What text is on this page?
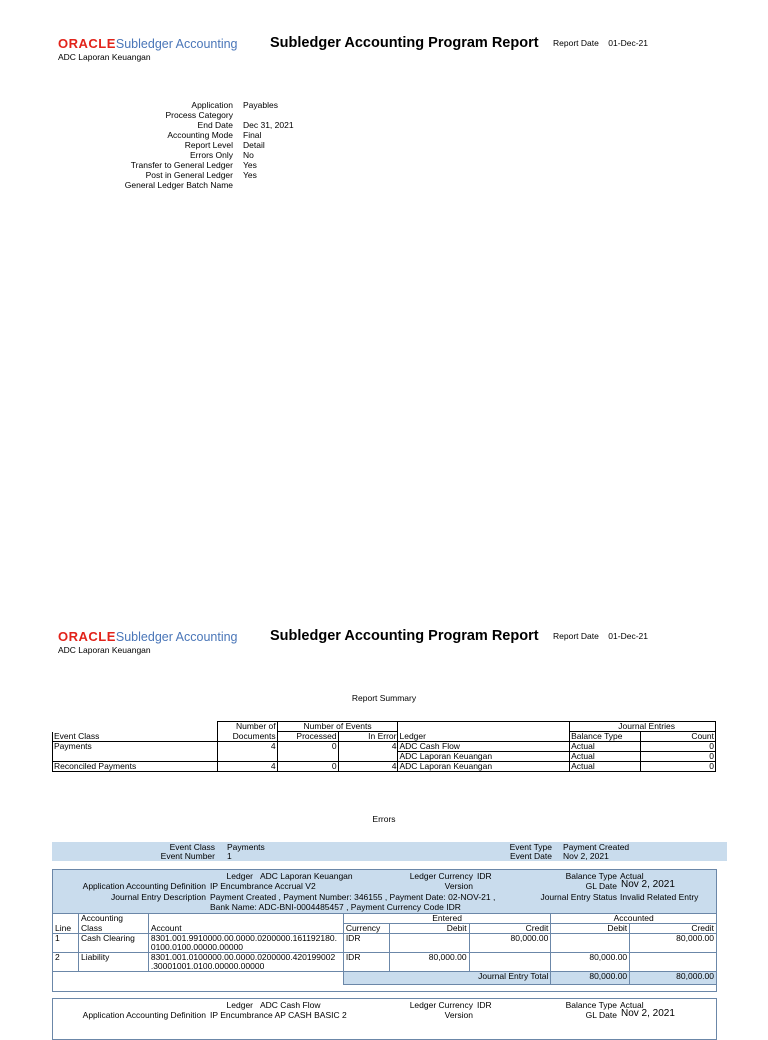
ORACLESubledger Accounting
ADC Laporan Keuangan
Subledger Accounting Program Report Report Date 01-Dec-21
Application	Payables
Process Category
End Date	Dec 31, 2021
Accounting Mode	Final
Report Level	Detail
Errors Only	No
Transfer to General Ledger	Yes
Post in General Ledger	Yes
General Ledger Batch Name
ORACLESubledger Accounting
ADC Laporan Keuangan
Subledger Accounting Program Report Report Date 01-Dec-21
Report Summary
	Number of	Number of Events			Journal Entries	
Event Class	Documents	Processed	In Error	Ledger	Balance Type	Count
Payments	4	0	4	ADC Cash Flow	Actual	0
				ADC Laporan Keuangan	Actual	0
Reconciled Payments	4	0	4	ADC Laporan Keuangan	Actual	0
Errors
Event Class Payments
Event Number 1
Event Type Payment Created
Event Date Nov 2, 2021
Ledger ADC Laporan Keuangan	Ledger Currency IDR	Balance Type Actual
Application Accounting Definition IP Encumbrance Accrual V2	Version	GL Date Nov 2, 2021
Journal Entry Description Payment Created , Payment Number: 346155 , Payment Date: 02-NOV-21 ,
Bank Name: ADC-BNI-0004485457 , Payment Currency Code IDR
Journal Entry Status Invalid Related Entry
	Accounting		Entered			Accounted	
Line	Class	Account	Currency	Debit	Credit	Debit	Credit
1	Cash Clearing	8301.001.9910000.00.0000.0200000.161192180.
0100.0100.00000.00000	IDR		80,000.00		80,000.00
2	Liability	8301.001.0100000.00.0000.0200000.420199002
.30001001.0100.00000.00000	IDR	80,000.00		80,000.00	
			Journal Entry Total			80,000.00	80,000.00
Ledger ADC Cash Flow	Ledger Currency IDR	Balance Type Actual
Application Accounting Definition IP Encumbrance AP CASH BASIC 2	Version	GL Date Nov 2, 2021
